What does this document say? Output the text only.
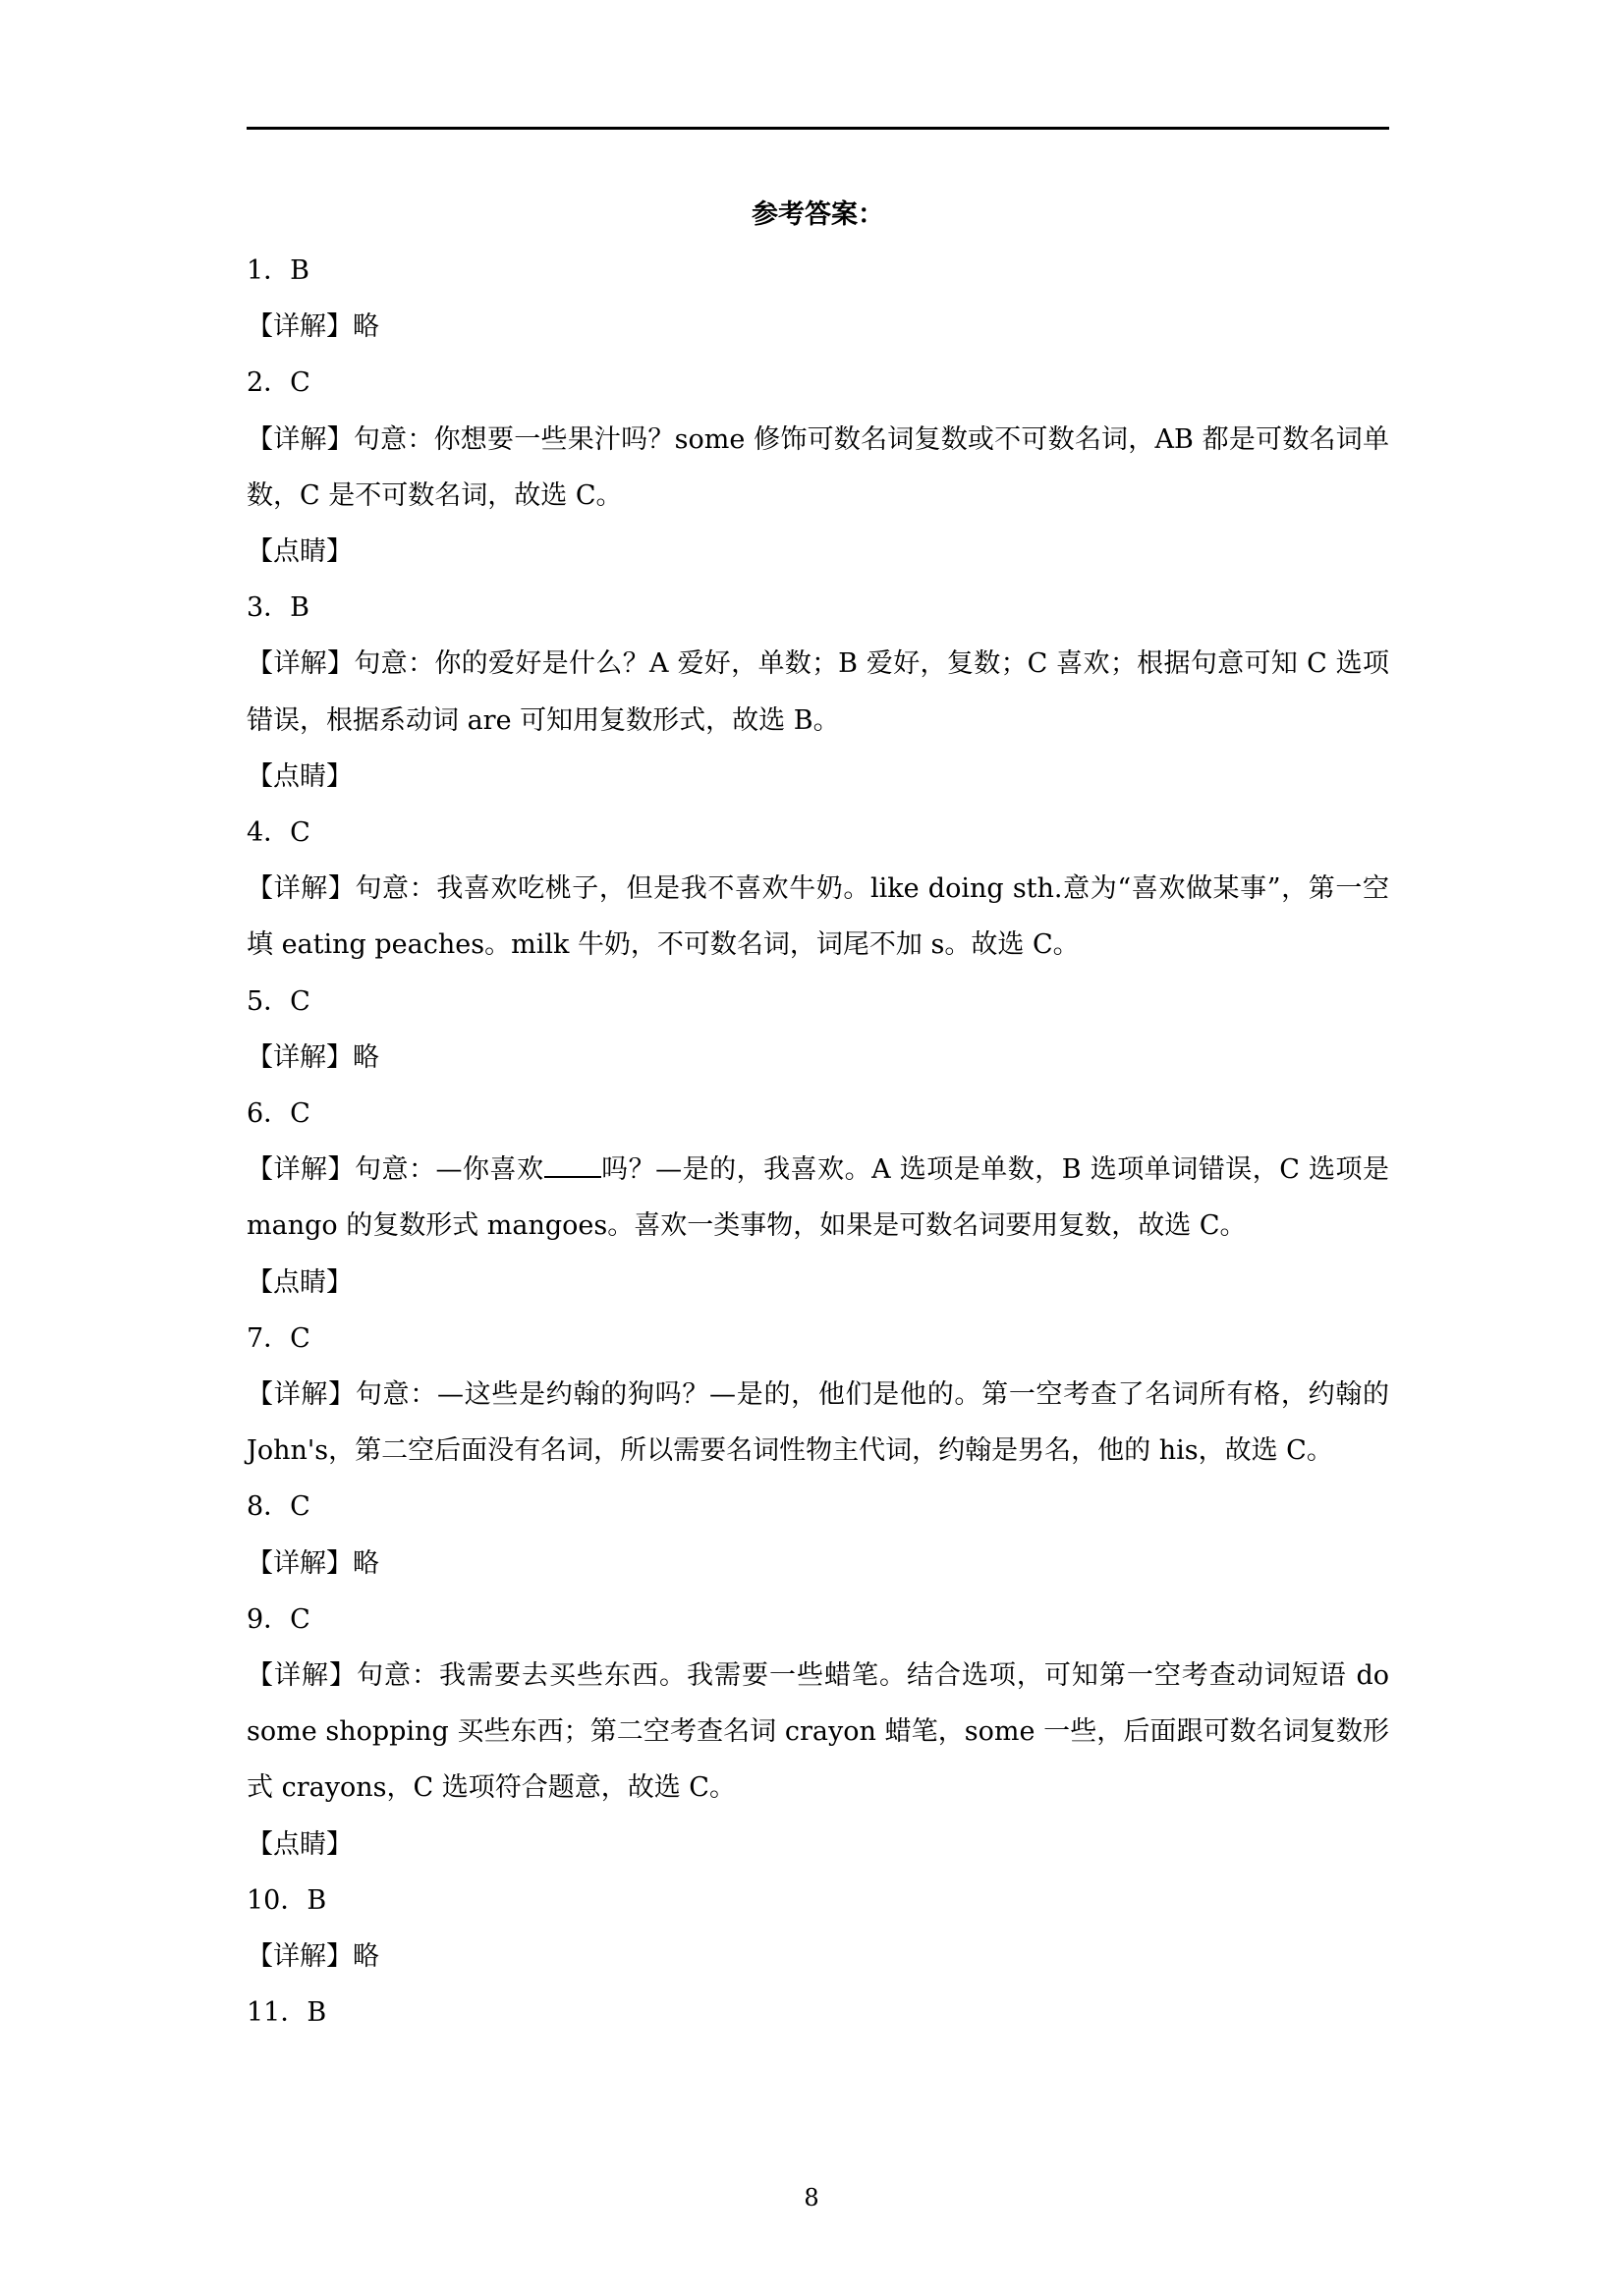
参考答案：

1．B

【详解】略

2．C

【详解】句意：你想要一些果汁吗？some 修饰可数名词复数或不可数名词，AB 都是可数名词单数，C 是不可数名词，故选 C。

【点睛】

3．B

【详解】句意：你的爱好是什么？A 爱好，单数；B 爱好，复数；C 喜欢；根据句意可知 C 选项错误，根据系动词 are 可知用复数形式，故选 B。

【点睛】

4．C

【详解】句意：我喜欢吃桃子，但是我不喜欢牛奶。like doing sth.意为“喜欢做某事”，第一空填 eating peaches。milk 牛奶，不可数名词，词尾不加 s。故选 C。

5．C

【详解】略

6．C

【详解】句意：—你喜欢 吗？—是的，我喜欢。A 选项是单数，B 选项单词错误，C 选项是 mango 的复数形式 mangoes。喜欢一类事物，如果是可数名词要用复数，故选 C。

【点睛】

7．C

【详解】句意：—这些是约翰的狗吗？—是的，他们是他的。第一空考查了名词所有格，约翰的 John's，第二空后面没有名词，所以需要名词性物主代词，约翰是男名，他的 his，故选 C。

8．C

【详解】略

9．C

【详解】句意：我需要去买些东西。我需要一些蜡笔。结合选项，可知第一空考查动词短语 do some shopping 买些东西；第二空考查名词 crayon 蜡笔，some 一些，后面跟可数名词复数形式 crayons，C 选项符合题意，故选 C。

【点睛】

10．B

【详解】略

11．B

8
